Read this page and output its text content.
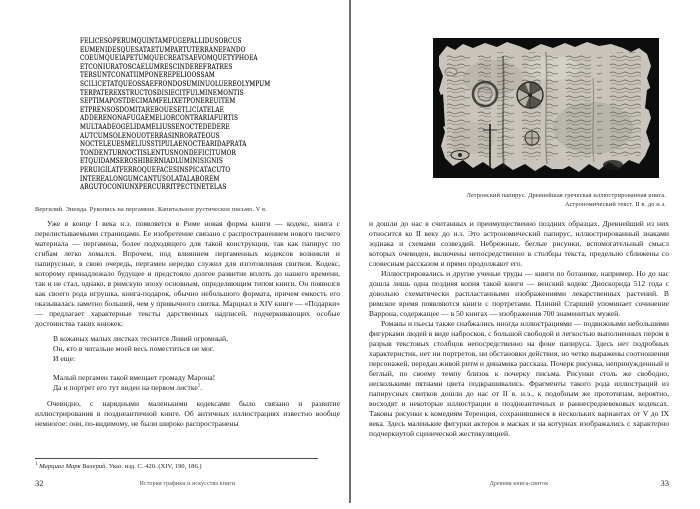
FELICESOPERUMQUINTAMFUGEPALLIDUSORCUS
EUMENIDESQUESATAETUMPARTUTERRANEFANDO
COEUMQUEIAPETUMQUECREATSAEVOMQUETYPHOEA
ETCONIURATOSCAELUMRESCINDEREFRATRES
TERSUNTCONATIIMPONEREPELIOOSSAM
SCILICETATQUEOSSAEFRONDOSUMINUOLUEREOLYMPUM
TERPATEREXSTRUCTOSDISIECITFULMINEMONTIS
SEPTIMAPOSTDECIMAMFELIXETPONEREUITEM
ETPRENSOSDOMITAREBOUESETLICIATELAE
ADDERENONAFUGAEMELIORCONTRARIAFURTIS
MULTAADEOGELIDAMELIUSSENOCTEDEDERE
AUTCUMSOLENOUOTERRASINRORATEOUS
NOCTELEUESMELIUSSTIPULAENOCTEARIDAPRATA
TONDENTURNOCTISLENTUSNONDEFICITUMOR
ETQUIDAMSEROSHIBERNIADLUMINISIGNIS
PERUIGILATFERROQUEFACESINSPICATACUTO
INTEREALONGUMCANTUSOLATALABOREM
ARGUTOCONIUNXPERCURRITPECTINETELAS
Вергилий. Энеида. Рукопись на пергамене. Капитальное рустическое письмо. V в.

Уже в конце I века н.э. появляется в Риме новая форма книги — кодекс, книга с перелистываемыми страницами. Ее изобретение связано с распространением нового писчего материала — пергамена, более подходящего для такой конструкции, так как папирус по сгибам легко ломался. Впрочем, под влиянием пергаменных кодексов возникли и папирусные, в свою очередь, пергамен нередко служил для изготовления свитков. Кодекс, которому принадлежало будущее и предстояло долгое развитие вплоть до нашего времени, так и не стал, однако, в римскую эпоху основным, определяющим типом книги. Он появился как своего рода игрушка, книга-подарок, обычно небольшого формата, причем емкость его оказывалась заметно большей, чем у привычного свитка. Марциал в XIV книге — «Подарки» — предлагает характерные тексты дарственных надписей, подчеркивающих особые достоинства таких книжек:

В кожаных малых листках теснится Ливий огромный,
Он, кто в читальне моей весь поместиться не мог.

И еще:

Малый пергамен такой вмещает громаду Марона!
Да и портрет его тут виден на первом листке$^1$.

Очевидно, с нарядными маленькими кодексами было связано и развитие иллюстрирования в позднеантичной книге. Об античных иллюстрациях известно вообще немногое: они, по-видимому, не были широко распространены

$^1$ Марциал Марк Валерий. Указ. изд. С. 420. (XIV, 190, 186.)
32	История графики и искусства книги
Летронский папирус. Древнейшая греческая иллюстрированная книга.
Астрономический текст. II в. до н.э.

и дошли до нас в считанных и преимущественно поздних образцах. Древнейший из них относится ко II веку до н.э. Это астрономический папирус, иллюстрированный знаками зодиака и схемами созвездий. Небрежные, беглые рисунки, вспомогательный смысл которых очевиден, включены непосредственно в столбцы текста, предельно сближены со словесным рассказом и прямо продолжают его.

Иллюстрировались и другие ученые труды — книги по ботанике, например. Но до нас дошла лишь одна поздняя копия такой книги — венский кодекс Диоскорида 512 года с довольно схематически распластанными изображениями лекарственных растений. В римское время появляются книги с портретами. Плиний Старший упоминает сочинение Варрона, содержащее — в 50 книгах — изображения 700 знаменитых мужей.

Романы и пьесы также снабжались иногда иллюстрациями — подвижными небольшими фигурками людей в виде набросков, с большой свободой и легкостью выполненных пером в разрыв текстовых столбцов непосредственно на фоне папируса. Здесь нет подробных характеристик, нет ни портретов, ни обстановки действия, но четко выражены соотношения персонажей, передан живой ритм и динамика рассказа. Почерк рисунка, непринужденный и беглый, по своему темпу близок к почерку письма. Рисунки столь же свободно, несколькими пятнами цвета подкрашивались. Фрагменты такого рода иллюстраций из папирусных свитков дошли до нас от II в. н.э., к подобным же прототипам, вероятно, восходят и некоторые иллюстрации в позднеантичных и раннесредневековых кодексах. Таковы рисунки к комедиям Теренция, сохранившиеся в нескольких вариантах от V до IX века. Здесь маленькие фигурки актеров в масках и на котурнах изображались с характерно подчеркнутой сценической жестикуляцией.

Древняя книга-свиток	33
